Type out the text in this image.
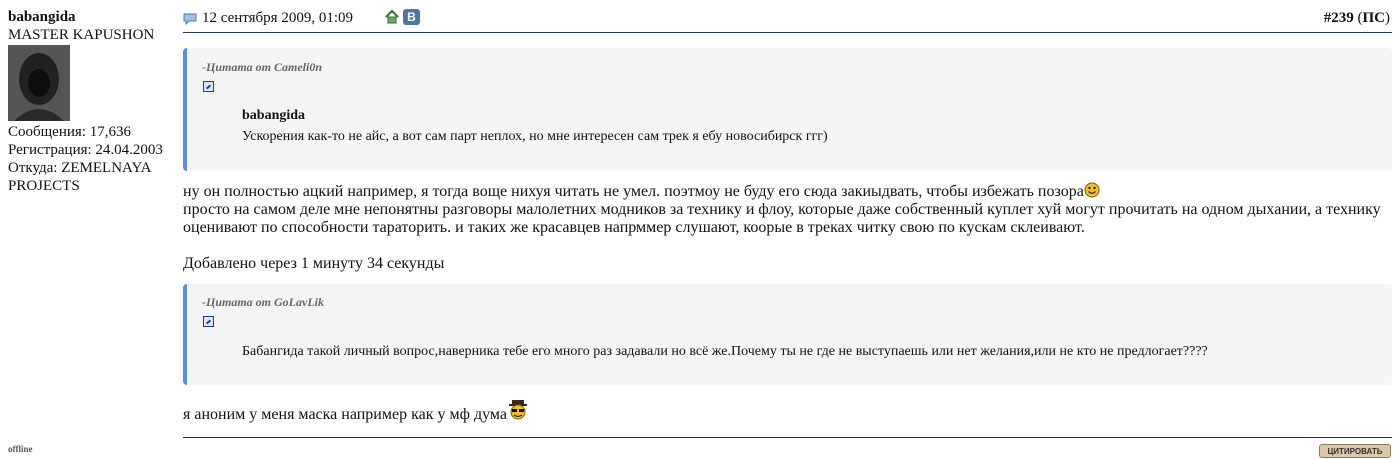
babangida
MASTER KAPUSHON
Сообщения: 17,636
Регистрация: 24.04.2003
Откуда: ZEMELNAYA PROJECTS
offline
12 сентября 2009, 01:09	В	#239 (ПС)
-Цитата от Cameli0n
babangida
Ускорения как-то не айс, а вот сам парт неплох, но мне интересен сам трек я ебу новосибирск ггг)
ну он полностью ацкий например, я тогда воще нихуя читать не умел. поэтмоу не буду его сюда закиыдвать, чтобы избежать позора
просто на самом деле мне непонятны разговоры малолетних модников за технику и флоу, которые даже собственный куплет хуй могут прочитать на одном дыхании, а технику оценивают по способности тараторить. и таких же красавцев напрммер слушают, коорые в треках читку свою по кускам склеивают.
Добавлено через 1 минуту 34 секунды
-Цитата от GoLavLik
Бабангида такой личный вопрос,наверника тебе его много раз задавали но всё же.Почему ты не где не выступаешь или нет желания,или не кто не предлогает????
я аноним у меня маска например как у мф дума
ЦИТИРОВАТЬ
